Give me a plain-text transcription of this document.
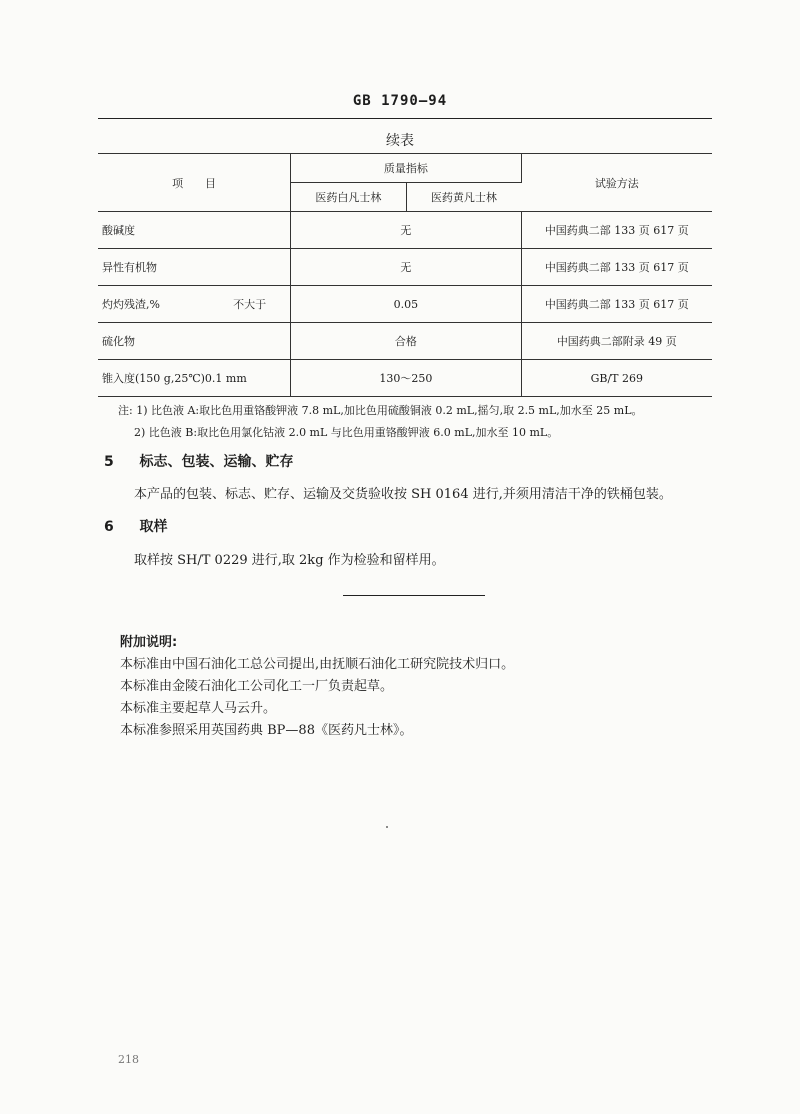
GB 1790—94
续表
项　　目	质量指标		试验方法
	医药白凡士林	医药黄凡士林	

酸碱度	无		中国药典二部 133 页 617 页

异性有机物	无		中国药典二部 133 页 617 页

灼灼残渣,% 不大于	0.05		中国药典二部 133 页 617 页

硫化物	合格		中国药典二部附录 49 页

锥入度(150 g,25℃)0.1 mm	130～250		GB/T 269
注: 1) 比色液 A:取比色用重铬酸钾液 7.8 mL,加比色用硫酸铜液 0.2 mL,摇匀,取 2.5 mL,加水至 25 mL。
2) 比色液 B:取比色用氯化钴液 2.0 mL 与比色用重铬酸钾液 6.0 mL,加水至 10 mL。
5 标志、包装、运输、贮存
本产品的包装、标志、贮存、运输及交货验收按 SH 0164 进行,并须用清洁干净的铁桶包装。
6 取样
取样按 SH/T 0229 进行,取 2kg 作为检验和留样用。
附加说明:
本标准由中国石油化工总公司提出,由抚顺石油化工研究院技术归口。
本标准由金陵石油化工公司化工一厂负责起草。
本标准主要起草人马云升。
本标准参照采用英国药典 BP—88《医药凡士林》。
218
